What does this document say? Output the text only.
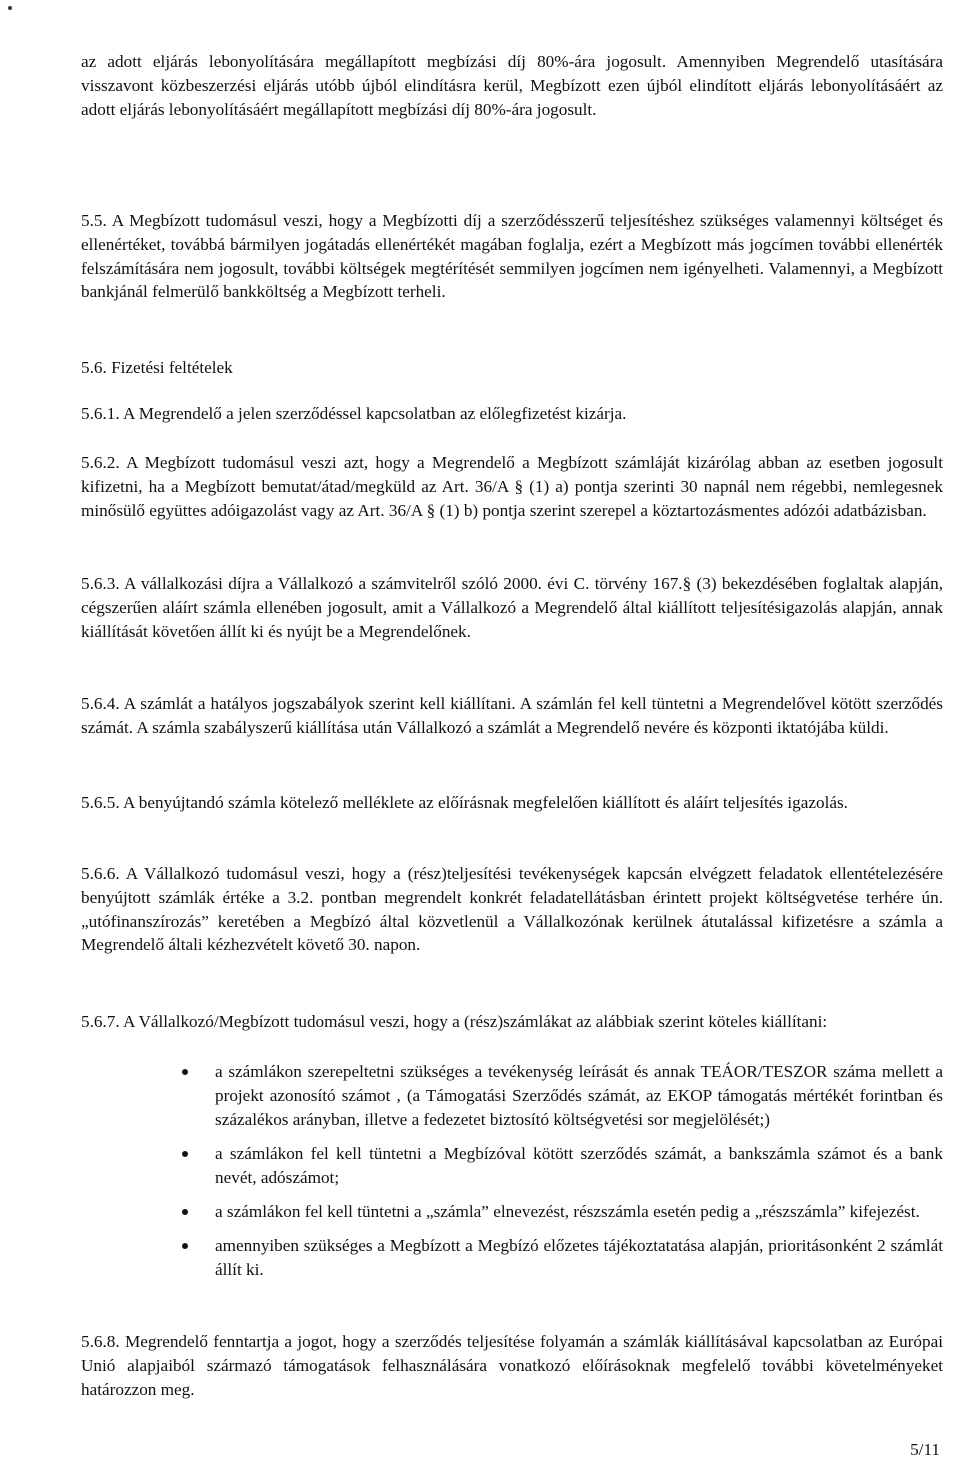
az adott eljárás lebonyolítására megállapított megbízási díj 80%-ára jogosult. Amennyiben Megrendelő utasítására visszavont közbeszerzési eljárás utóbb újból elindításra kerül, Megbízott ezen újból elindított eljárás lebonyolításáért az adott eljárás lebonyolításáért megállapított megbízási díj 80%-ára jogosult.

5.5. A Megbízott tudomásul veszi, hogy a Megbízotti díj a szerződésszerű teljesítéshez szükséges valamennyi költséget és ellenértéket, továbbá bármilyen jogátadás ellenértékét magában foglalja, ezért a Megbízott más jogcímen további ellenérték felszámítására nem jogosult, további költségek megtérítését semmilyen jogcímen nem igényelheti. Valamennyi, a Megbízott bankjánál felmerülő bankköltség a Megbízott terheli.

5.6. Fizetési feltételek

5.6.1. A Megrendelő a jelen szerződéssel kapcsolatban az előlegfizetést kizárja.

5.6.2. A Megbízott tudomásul veszi azt, hogy a Megrendelő a Megbízott számláját kizárólag abban az esetben jogosult kifizetni, ha a Megbízott bemutat/átad/megküld az Art. 36/A § (1) a) pontja szerinti 30 napnál nem régebbi, nemlegesnek minősülő együttes adóigazolást vagy az Art. 36/A § (1) b) pontja szerint szerepel a köztartozásmentes adózói adatbázisban.

5.6.3. A vállalkozási díjra a Vállalkozó a számvitelről szóló 2000. évi C. törvény 167.§ (3) bekezdésében foglaltak alapján, cégszerűen aláírt számla ellenében jogosult, amit a Vállalkozó a Megrendelő által kiállított teljesítésigazolás alapján, annak kiállítását követően állít ki és nyújt be a Megrendelőnek.

5.6.4. A számlát a hatályos jogszabályok szerint kell kiállítani. A számlán fel kell tüntetni a Megrendelővel kötött szerződés számát. A számla szabályszerű kiállítása után Vállalkozó a számlát a Megrendelő nevére és központi iktatójába küldi.

5.6.5. A benyújtandó számla kötelező melléklete az előírásnak megfelelően kiállított és aláírt teljesítés igazolás.

5.6.6. A Vállalkozó tudomásul veszi, hogy a (rész)teljesítési tevékenységek kapcsán elvégzett feladatok ellentételezésére benyújtott számlák értéke a 3.2. pontban megrendelt konkrét feladatellátásban érintett projekt költségvetése terhére ún. „utófinanszírozás” keretében a Megbízó által közvetlenül a Vállalkozónak kerülnek átutalással kifizetésre a számla a Megrendelő általi kézhezvételt követő 30. napon.

5.6.7. A Vállalkozó/Megbízott tudomásul veszi, hogy a (rész)számlákat az alábbiak szerint köteles kiállítani:

a számlákon szerepeltetni szükséges a tevékenység leírását és annak TEÁOR/TESZOR száma mellett a projekt azonosító számot , (a Támogatási Szerződés számát, az EKOP támogatás mértékét forintban és százalékos arányban, illetve a fedezetet biztosító költségvetési sor megjelölését;)
a számlákon fel kell tüntetni a Megbízóval kötött szerződés számát, a bankszámla számot és a bank nevét, adószámot;
a számlákon fel kell tüntetni a „számla” elnevezést, részszámla esetén pedig a „részszámla” kifejezést.
amennyiben szükséges a Megbízott a Megbízó előzetes tájékoztatatása alapján, prioritásonként 2 számlát állít ki.

5.6.8. Megrendelő fenntartja a jogot, hogy a szerződés teljesítése folyamán a számlák kiállításával kapcsolatban az Európai Unió alapjaiból származó támogatások felhasználására vonatkozó előírásoknak megfelelő további követelményeket határozzon meg.

5/11
